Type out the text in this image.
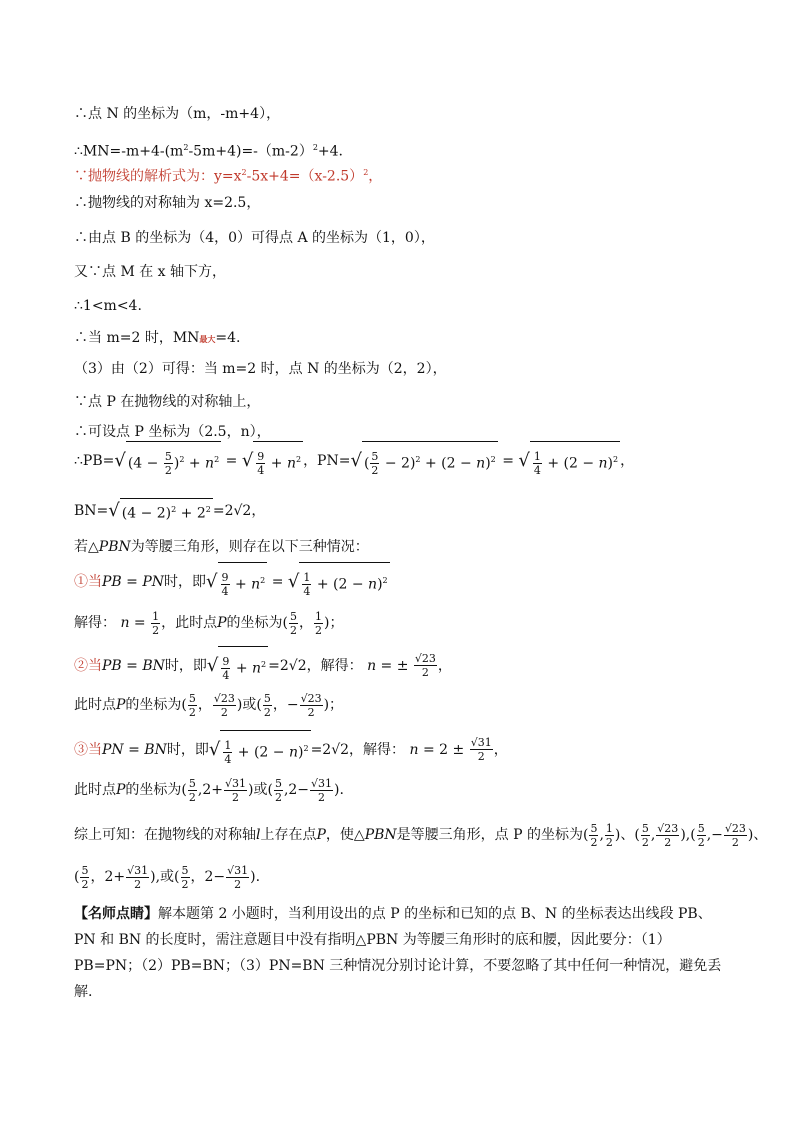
∴点 N 的坐标为（m，-m+4），
$\therefore MN=-m+4-(m^2-5m+4)=-(m-2)^2+4$.
∵抛物线的解析式为：$y=x^2-5x+4=(x-2.5)^2$，
∴抛物线的对称轴为 x=2.5，
∴由点 B 的坐标为（4，0）可得点 A 的坐标为（1，0），
又∵点 M 在 x 轴下方，
∴1<m<4.
∴当 m=2 时，MN最大=4.
（3）由（2）可得：当 m=2 时，点 N 的坐标为（2，2），
∵点 P 在抛物线的对称轴上，
∴可设点 P 坐标为（2.5，n），
∴PB=√ $(4 - \frac{5}{2} )^2 + n^2$ = √ $\frac{9}{4} + n^2$ ，PN=√ ( $\frac{5}{2} - 2)^2 + (2 - n)^2$ = √ $\frac{1}{4} + (2 - n)^2$ ，
BN=√ $(4 - 2)^2 + 2^2 =2√2$，
若△PBN为等腰三角形，则存在以下三种情况：
①当PB = PN时，即√ $\frac{9}{4} + n^2$ = √ $\frac{1}{4} + (2 - n)^2$
解得： $n = \frac{1}{2}$ ，此时点P的坐标为( $\frac{5}{2}$ ， $\frac{1}{2}$ )；
②当PB = BN时，即√ $\frac{9}{4} + n^2 =2√2$，解得： n = ± $\frac{√23}{2}$ ，
此时点P的坐标为( $\frac{5}{2}$ ， $\frac{√23}{2}$ )或( $\frac{5}{2}$ ，− $\frac{√23}{2}$ )；
③当PN = BN时，即√ $\frac{1}{4} + (2 - n)^2 =2√2$，解得： $n = 2 \pm \frac{√31}{2}$ ，
此时点P的坐标为( $\frac{5}{2} ,2+ \frac{√31}{2}$ )或( $\frac{5}{2} ,2- \frac{√31}{2}$ ).
综上可知：在抛物线的对称轴l上存在点P，使△PBN是等腰三角形，点 P 的坐标为( $\frac{5}{2}$ , $\frac{1}{2}$ )、( $\frac{5}{2}$ , $\frac{√23}{2}$ ),( $\frac{5}{2}$ ,− $\frac{√23}{2}$ )、
( $\frac{5}{2}$ ，$2+ \frac{√31}{2}$ ),或( $\frac{5}{2}$ ，$2- \frac{√31}{2}$ ).
【名师点睛】解本题第 2 小题时，当利用设出的点 P 的坐标和已知的点 B、N 的坐标表达出线段 PB、PN 和 BN 的长度时，需注意题目中没有指明△PBN 为等腰三角形时的底和腰，因此要分：（1）PB=PN；（2）PB=BN；（3）PN=BN 三种情况分别讨论计算，不要忽略了其中任何一种情况，避免丢解.
